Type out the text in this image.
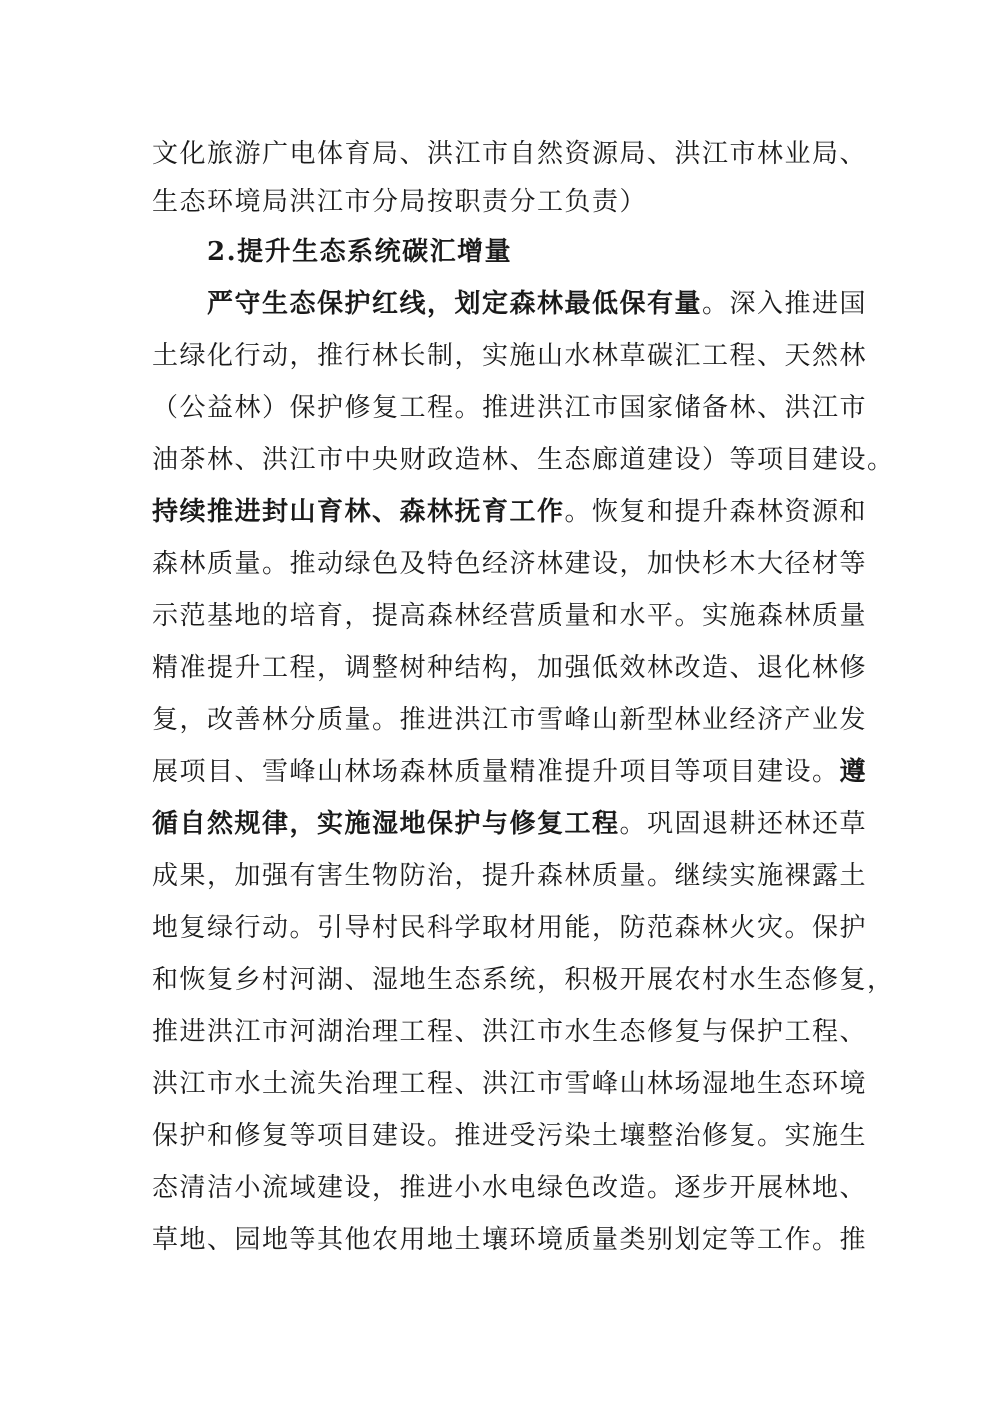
文化旅游广电体育局、洪江市自然资源局、洪江市林业局、
生态环境局洪江市分局按职责分工负责）
2.提升生态系统碳汇增量
严守生态保护红线，划定森林最低保有量。深入推进国
土绿化行动，推行林长制，实施山水林草碳汇工程、天然林
（公益林）保护修复工程。推进洪江市国家储备林、洪江市
油茶林、洪江市中央财政造林、生态廊道建设）等项目建设。
持续推进封山育林、森林抚育工作。恢复和提升森林资源和
森林质量。推动绿色及特色经济林建设，加快杉木大径材等
示范基地的培育，提高森林经营质量和水平。实施森林质量
精准提升工程，调整树种结构，加强低效林改造、退化林修
复，改善林分质量。推进洪江市雪峰山新型林业经济产业发
展项目、雪峰山林场森林质量精准提升项目等项目建设。遵
循自然规律，实施湿地保护与修复工程。巩固退耕还林还草
成果，加强有害生物防治，提升森林质量。继续实施裸露土
地复绿行动。引导村民科学取材用能，防范森林火灾。保护
和恢复乡村河湖、湿地生态系统，积极开展农村水生态修复，
推进洪江市河湖治理工程、洪江市水生态修复与保护工程、
洪江市水土流失治理工程、洪江市雪峰山林场湿地生态环境
保护和修复等项目建设。推进受污染土壤整治修复。实施生
态清洁小流域建设，推进小水电绿色改造。逐步开展林地、
草地、园地等其他农用地土壤环境质量类别划定等工作。推
